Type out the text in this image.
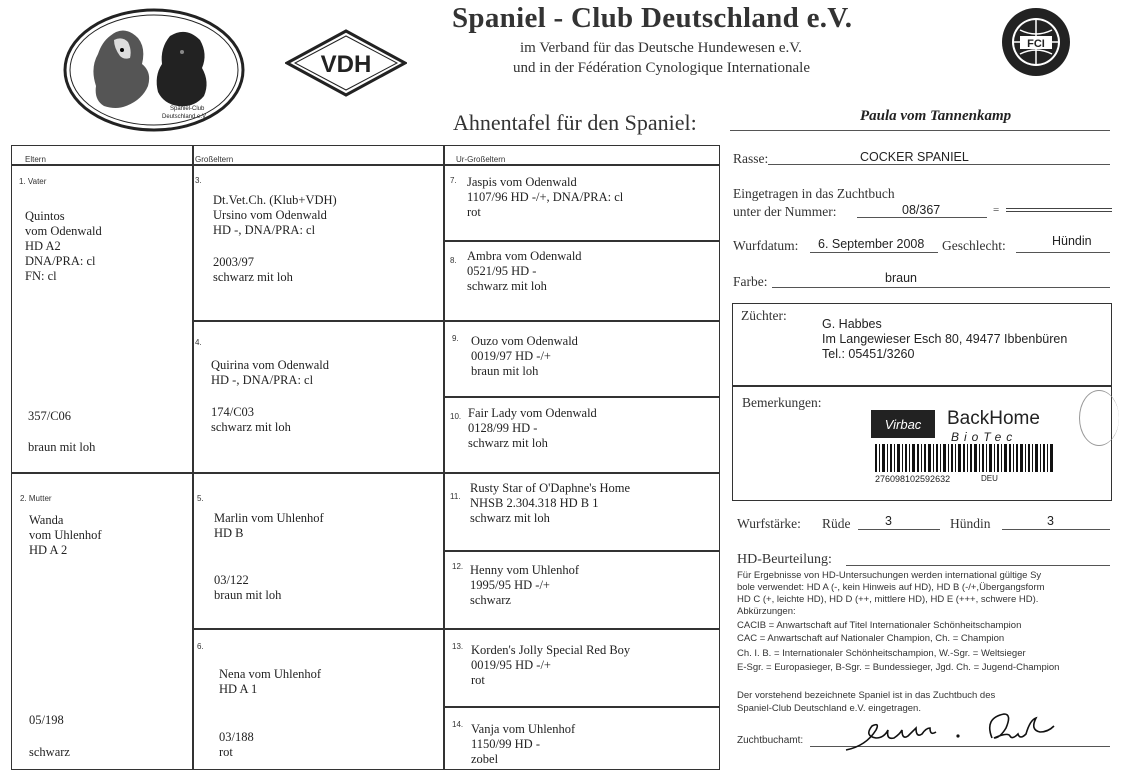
Spaniel-Club
Deutschland e.V.
VDH
FCI
Spaniel - Club Deutschland e.V.
im Verband für das Deutsche Hundewesen e.V.
und in der Fédération Cynologique Internationale
Ahnentafel für den Spaniel:	Paula vom Tannenkamp
Eltern	Großeltern	Ur-Großeltern
1. Vater
Quintos
vom Odenwald
HD A2
DNA/PRA: cl
FN: cl
357/C06
braun mit loh
2. Mutter
Wanda
vom Uhlenhof
HD A 2
05/198
schwarz
3.
Dt.Vet.Ch. (Klub+VDH)
Ursino vom Odenwald
HD -, DNA/PRA: cl
2003/97
schwarz mit loh
4.
Quirina vom Odenwald
HD -, DNA/PRA: cl
174/C03
schwarz mit loh
5.
Marlin vom Uhlenhof
HD B
03/122
braun mit loh
6.
Nena vom Uhlenhof
HD A 1
03/188
rot
7. Jaspis vom Odenwald
1107/96 HD -/+, DNA/PRA: cl
rot
8. Ambra vom Odenwald
0521/95 HD -
schwarz mit loh
9. Ouzo vom Odenwald
0019/97 HD -/+
braun mit loh
10. Fair Lady vom Odenwald
0128/99 HD -
schwarz mit loh
11.
Rusty Star of O'Daphne's Home
NHSB 2.304.318 HD B 1
schwarz mit loh
12. Henny vom Uhlenhof
1995/95 HD -/+
schwarz
13. Korden's Jolly Special Red Boy
0019/95 HD -/+
rot
14. Vanja vom Uhlenhof
1150/99 HD -
zobel
Rasse:	COCKER SPANIEL
Eingetragen in das Zuchtbuch
unter der Nummer:	08/367	=
Wurfdatum: 6. September 2008 Geschlecht:	Hündin
Farbe:	braun
Züchter:
G. Habbes
Im Langewieser Esch 80, 49477 Ibbenbüren
Tel.: 05451/3260
Bemerkungen:
Virbac	BackHome
BioTec
276098102592632	DEU
Wurfstärke: Rüde	3	Hündin	3
HD-Beurteilung:
Für Ergebnisse von HD-Untersuchungen werden international gültige Sy
bole verwendet: HD A (-, kein Hinweis auf HD), HD B (-/+,Übergangsform
HD C (+, leichte HD), HD D (++, mittlere HD), HD E (+++, schwere HD).
Abkürzungen:
CACIB = Anwartschaft auf Titel Internationaler Schönheitschampion
CAC = Anwartschaft auf Nationaler Champion, Ch. = Champion
Ch. I. B. = Internationaler Schönheitschampion, W.-Sgr. = Weltsieger
E-Sgr. = Europasieger, B-Sgr. = Bundessieger, Jgd. Ch. = Jugend-Champion
Der vorstehend bezeichnete Spaniel ist in das Zuchtbuch des
Spaniel-Club Deutschland e.V. eingetragen.
Zuchtbuchamt:
